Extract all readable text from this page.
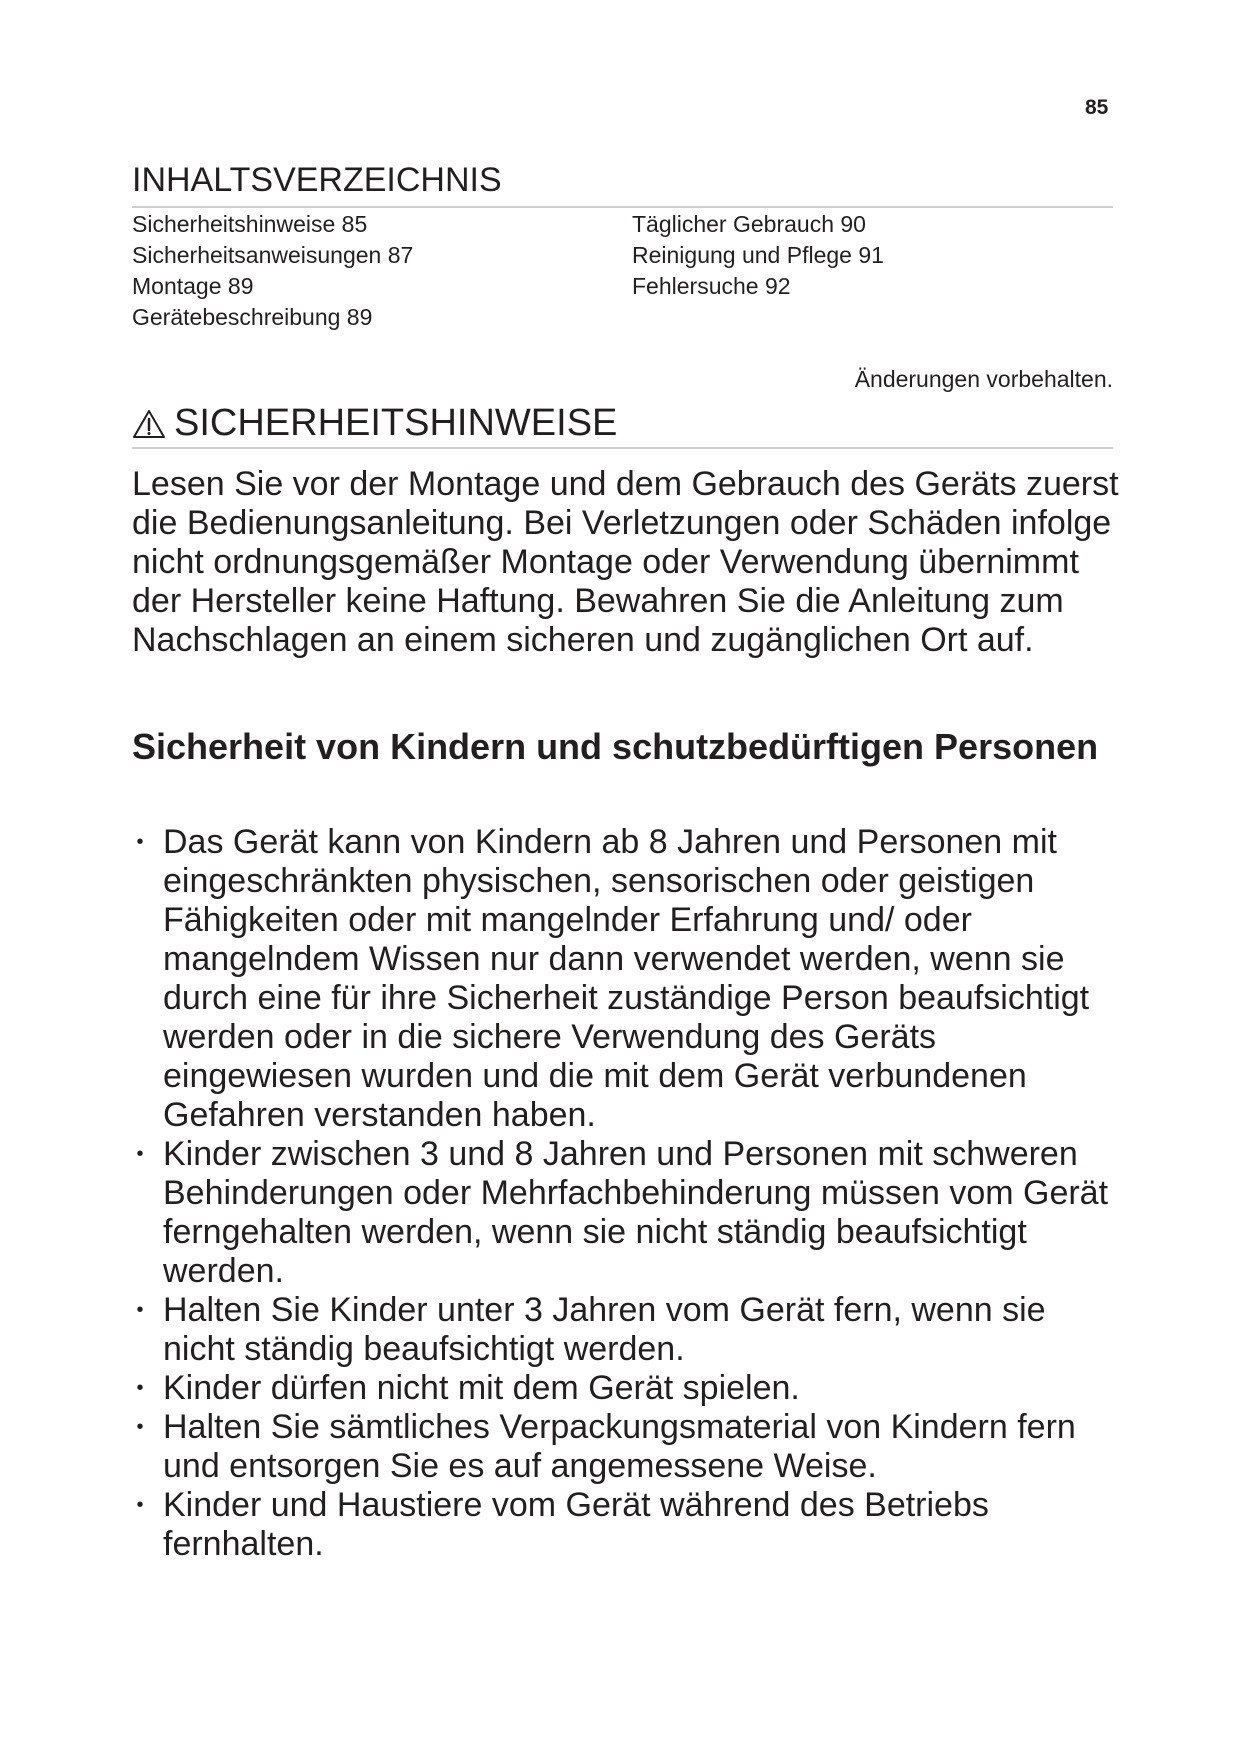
85
INHALTSVERZEICHNIS
Sicherheitshinweise 85
Sicherheitsanweisungen 87
Montage 89
Gerätebeschreibung 89
Täglicher Gebrauch 90
Reinigung und Pflege 91
Fehlersuche 92
Änderungen vorbehalten.
SICHERHEITSHINWEISE

Lesen Sie vor der Montage und dem Gebrauch des Geräts zuerst die Bedienungsanleitung. Bei Verletzungen oder Schäden infolge nicht ordnungsgemäßer Montage oder Verwendung übernimmt der Hersteller keine Haftung. Bewahren Sie die Anleitung zum Nachschlagen an einem sicheren und zugänglichen Ort auf.

Sicherheit von Kindern und schutzbedürftigen Personen
• Das Gerät kann von Kindern ab 8 Jahren und Personen mit eingeschränkten physischen, sensorischen oder geistigen Fähigkeiten oder mit mangelnder Erfahrung und/ oder mangelndem Wissen nur dann verwendet werden, wenn sie durch eine für ihre Sicherheit zuständige Person beaufsichtigt werden oder in die sichere Verwendung des Geräts eingewiesen wurden und die mit dem Gerät verbundenen Gefahren verstanden haben.
• Kinder zwischen 3 und 8 Jahren und Personen mit schweren Behinderungen oder Mehrfachbehinderung müssen vom Gerät ferngehalten werden, wenn sie nicht ständig beaufsichtigt werden.
• Halten Sie Kinder unter 3 Jahren vom Gerät fern, wenn sie nicht ständig beaufsichtigt werden.
• Kinder dürfen nicht mit dem Gerät spielen.
• Halten Sie sämtliches Verpackungsmaterial von Kindern fern und entsorgen Sie es auf angemessene Weise.
• Kinder und Haustiere vom Gerät während des Betriebs fernhalten.
